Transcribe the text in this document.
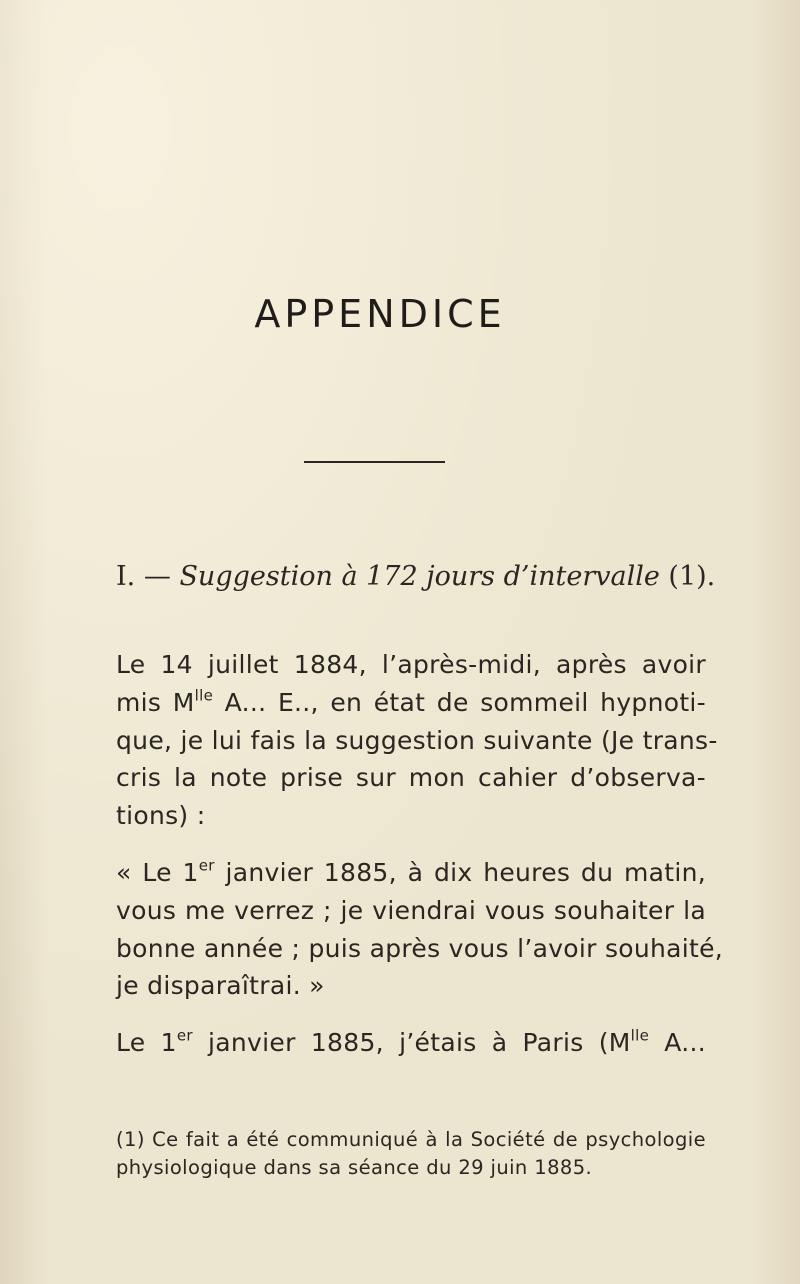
APPENDICE
I. — Suggestion à 172 jours d’intervalle (1).
Le 14 juillet 1884, l’après-midi, après avoir
mis $M^{lle}$ A... E.., en état de sommeil hypnoti-
que, je lui fais la suggestion suivante (Je trans-
cris la note prise sur mon cahier d’observa-
tions) :
« Le 1er janvier 1885, à dix heures du matin,
vous me verrez ; je viendrai vous souhaiter la
bonne année ; puis après vous l’avoir souhaité,
je disparaîtrai. »
Le 1er janvier 1885, j’étais à Paris ($M^{lle}$ A...
(1) Ce fait a été communiqué à la Société de psychologie
physiologique dans sa séance du 29 juin 1885.
